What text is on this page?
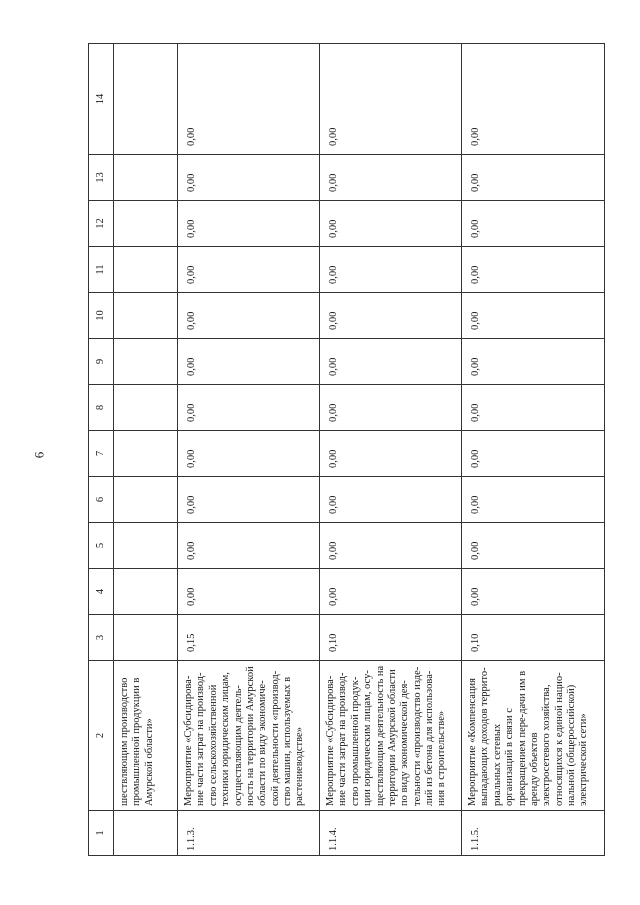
6
1	2	3	4	5	6	7	8	9	10	11	12	13	14
	шествляющим производство промышленной продукции в Амурской области»												
1.1.3.	Мероприятие «Субсидирова-ние части затрат на производ-ство сельскохозяйственной техники юридическим лицам, осуществляющим деятель-ность на территории Амурской области по виду экономиче-ской деятельности «производ-ство машин, используемых в растениеводстве»	0,15	0,00	0,00	0,00	0,00	0,00	0,00	0,00	0,00	0,00	0,00	0,00
1.1.4.	Мероприятие «Субсидирова-ние части затрат на производ-ство промышленной продук-ции юридическим лицам, осу-ществляющим деятельность на территории Амурской области по виду экономической дея-тельности «производство изде-лий из бетона для использова-ния в строительстве»	0,10	0,00	0,00	0,00	0,00	0,00	0,00	0,00	0,00	0,00	0,00	0,00
1.1.5.	Мероприятие «Компенсация выпадающих доходов террито-риальных сетевых организаций в связи с прекращением пере-дачи им в аренду объектов электросетевого хозяйства, относящихся к единой нацио-нальной (общероссийской) электрической сети»	0,10	0,00	0,00	0,00	0,00	0,00	0,00	0,00	0,00	0,00	0,00	0,00
